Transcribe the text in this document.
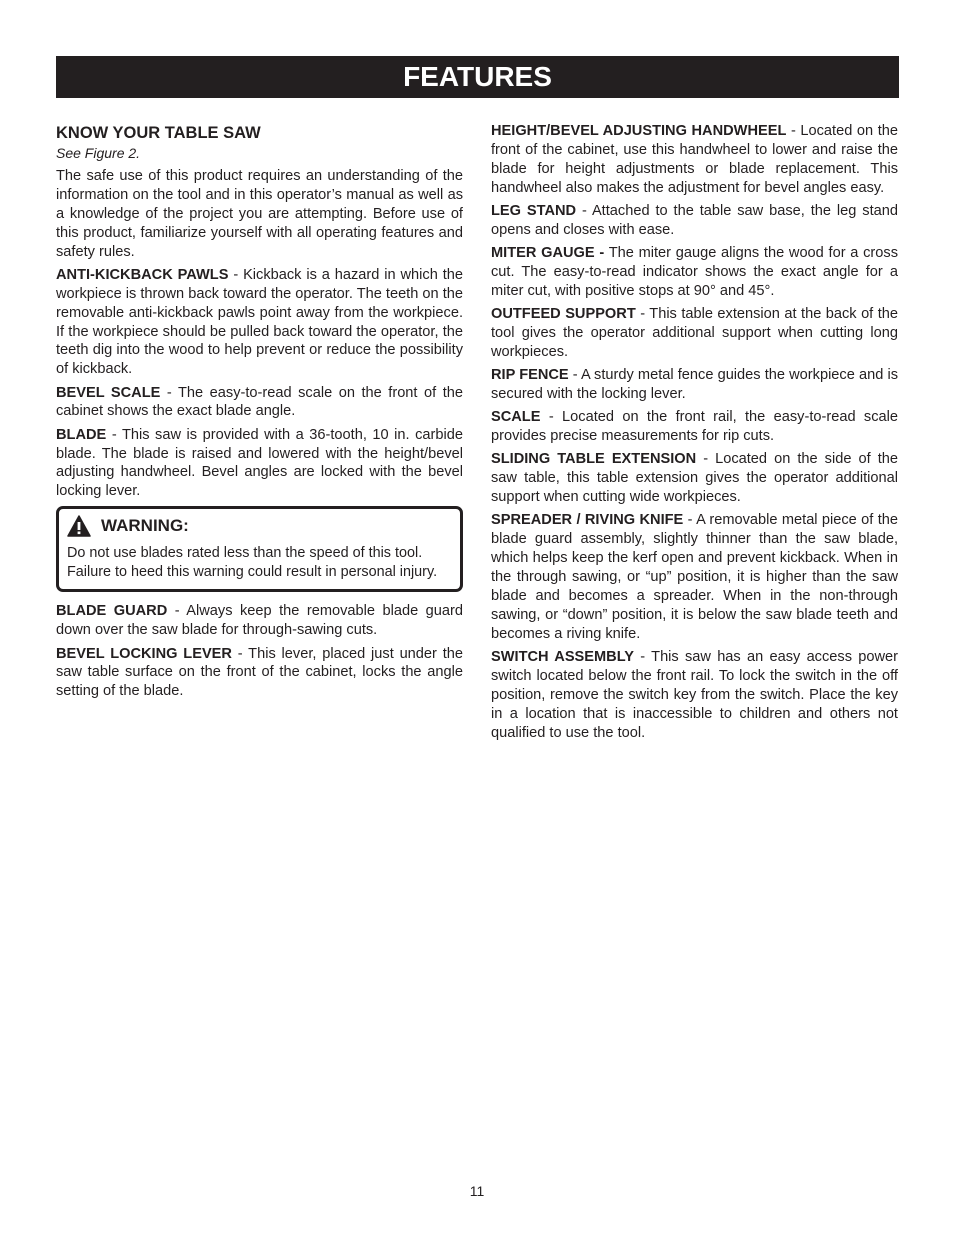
FEATURES
KNOW YOUR TABLE SAW

See Figure 2.

The safe use of this product requires an understanding of the information on the tool and in this operator’s manual as well as a knowledge of the project you are attempting. Before use of this product, familiarize yourself with all operating features and safety rules.

ANTI-KICKBACK PAWLS - Kickback is a hazard in which the workpiece is thrown back toward the operator. The teeth on the removable anti-kickback pawls point away from the workpiece. If the workpiece should be pulled back toward the operator, the teeth dig into the wood to help prevent or reduce the possibility of kickback.

BEVEL SCALE - The easy-to-read scale on the front of the cabinet shows the exact blade angle.

BLADE - This saw is provided with a 36-tooth, 10 in. carbide blade. The blade is raised and lowered with the height/bevel adjusting handwheel. Bevel angles are locked with the bevel locking lever.

WARNING:

Do not use blades rated less than the speed of this tool. Failure to heed this warning could result in personal injury.

BLADE GUARD - Always keep the removable blade guard down over the saw blade for through-sawing cuts.

BEVEL LOCKING LEVER - This lever, placed just under the saw table surface on the front of the cabinet, locks the angle setting of the blade.

HEIGHT/BEVEL ADJUSTING HANDWHEEL - Located on the front of the cabinet, use this handwheel to lower and raise the blade for height adjustments or blade replacement. This handwheel also makes the adjustment for bevel angles easy.

LEG STAND - Attached to the table saw base, the leg stand opens and closes with ease.

MITER GAUGE - The miter gauge aligns the wood for a cross cut. The easy-to-read indicator shows the exact angle for a miter cut, with positive stops at 90° and 45°.

OUTFEED SUPPORT - This table extension at the back of the tool gives the operator additional support when cutting long workpieces.

RIP FENCE - A sturdy metal fence guides the workpiece and is secured with the locking lever.

SCALE - Located on the front rail, the easy-to-read scale provides precise measurements for rip cuts.

SLIDING TABLE EXTENSION - Located on the side of the saw table, this table extension gives the operator additional support when cutting wide workpieces.

SPREADER / RIVING KNIFE - A removable metal piece of the blade guard assembly, slightly thinner than the saw blade, which helps keep the kerf open and prevent kickback. When in the through sawing, or “up” position, it is higher than the saw blade and becomes a spreader. When in the non-through sawing, or “down” position, it is below the saw blade teeth and becomes a riving knife.

SWITCH ASSEMBLY - This saw has an easy access power switch located below the front rail. To lock the switch in the off position, remove the switch key from the switch. Place the key in a location that is inaccessible to children and others not qualified to use the tool.

11
